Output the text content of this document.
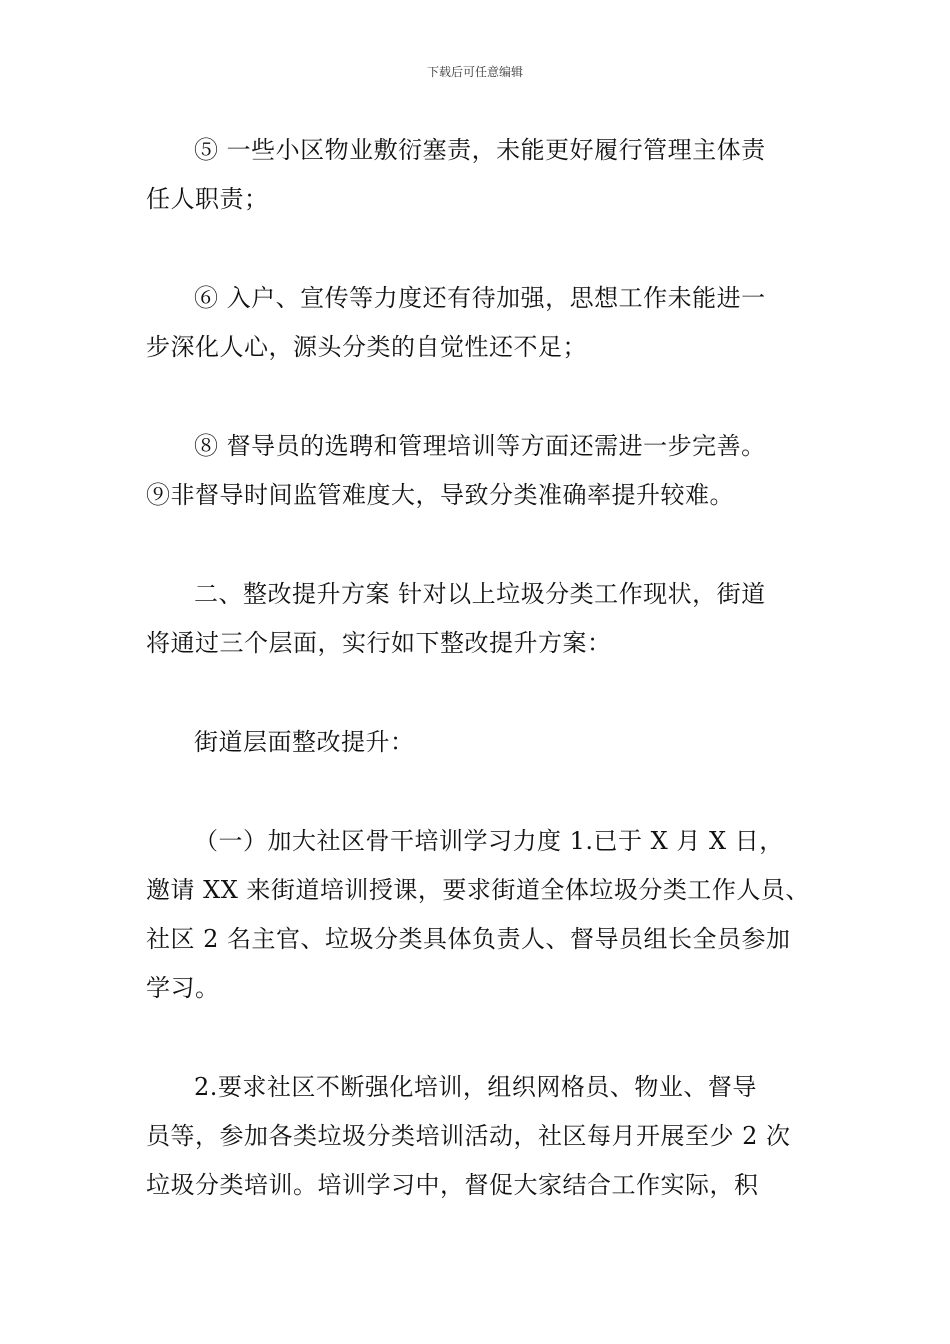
下载后可任意编辑

⑤ 一些小区物业敷衍塞责，未能更好履行管理主体责
任人职责；

⑥ 入户、宣传等力度还有待加强，思想工作未能进一
步深化人心，源头分类的自觉性还不足；

⑧ 督导员的选聘和管理培训等方面还需进一步完善。
⑨非督导时间监管难度大，导致分类准确率提升较难。

二、整改提升方案 针对以上垃圾分类工作现状，街道
将通过三个层面，实行如下整改提升方案：

街道层面整改提升：

（一）加大社区骨干培训学习力度 1.已于 X 月 X 日，
邀请 XX 来街道培训授课，要求街道全体垃圾分类工作人员、
社区 2 名主官、垃圾分类具体负责人、督导员组长全员参加
学习。

2.要求社区不断强化培训，组织网格员、物业、督导
员等，参加各类垃圾分类培训活动，社区每月开展至少 2 次
垃圾分类培训。培训学习中，督促大家结合工作实际，积
